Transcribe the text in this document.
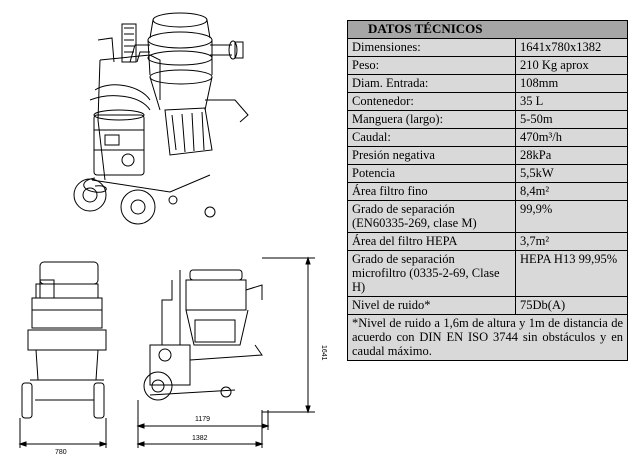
780
1179
1382
1641
DATOS TÉCNICOS	
Dimensiones:	1641x780x1382
Peso:	210 Kg aprox
Diam. Entrada:	108mm
Contenedor:	35 L
Manguera (largo):	5-50m
Caudal:	470m³/h
Presión negativa	28kPa
Potencia	5,5kW
Área filtro fino	8,4m²
Grado de separación (EN60335-269, clase M)	99,9%
Área del filtro HEPA	3,7m²
Grado de separación microfiltro (0335-2-69, Clase H)	HEPA H13 99,95%
Nivel de ruido*	75Db(A)
*Nivel de ruido a 1,6m de altura y 1m de distancia de acuerdo con DIN EN ISO 3744 sin obstáculos y en caudal máximo.	
